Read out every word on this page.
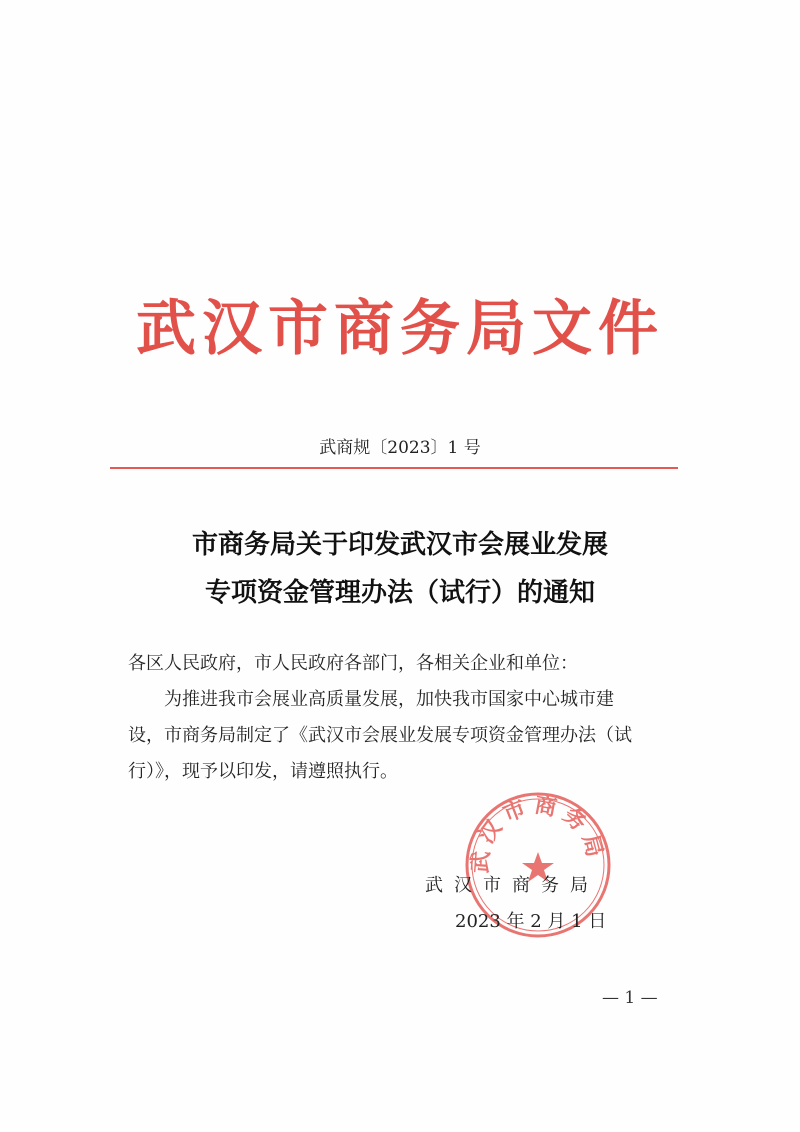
武汉市商务局文件
武商规〔2023〕1 号
市商务局关于印发武汉市会展业发展
专项资金管理办法（试行）的通知
各区人民政府，市人民政府各部门，各相关企业和单位：
为推进我市会展业高质量发展，加快我市国家中心城市建
设，市商务局制定了《武汉市会展业发展专项资金管理办法（试
行）》，现予以印发，请遵照执行。
武汉市商务局
武汉市商务局
2023 年 2 月 1 日
— 1 —
